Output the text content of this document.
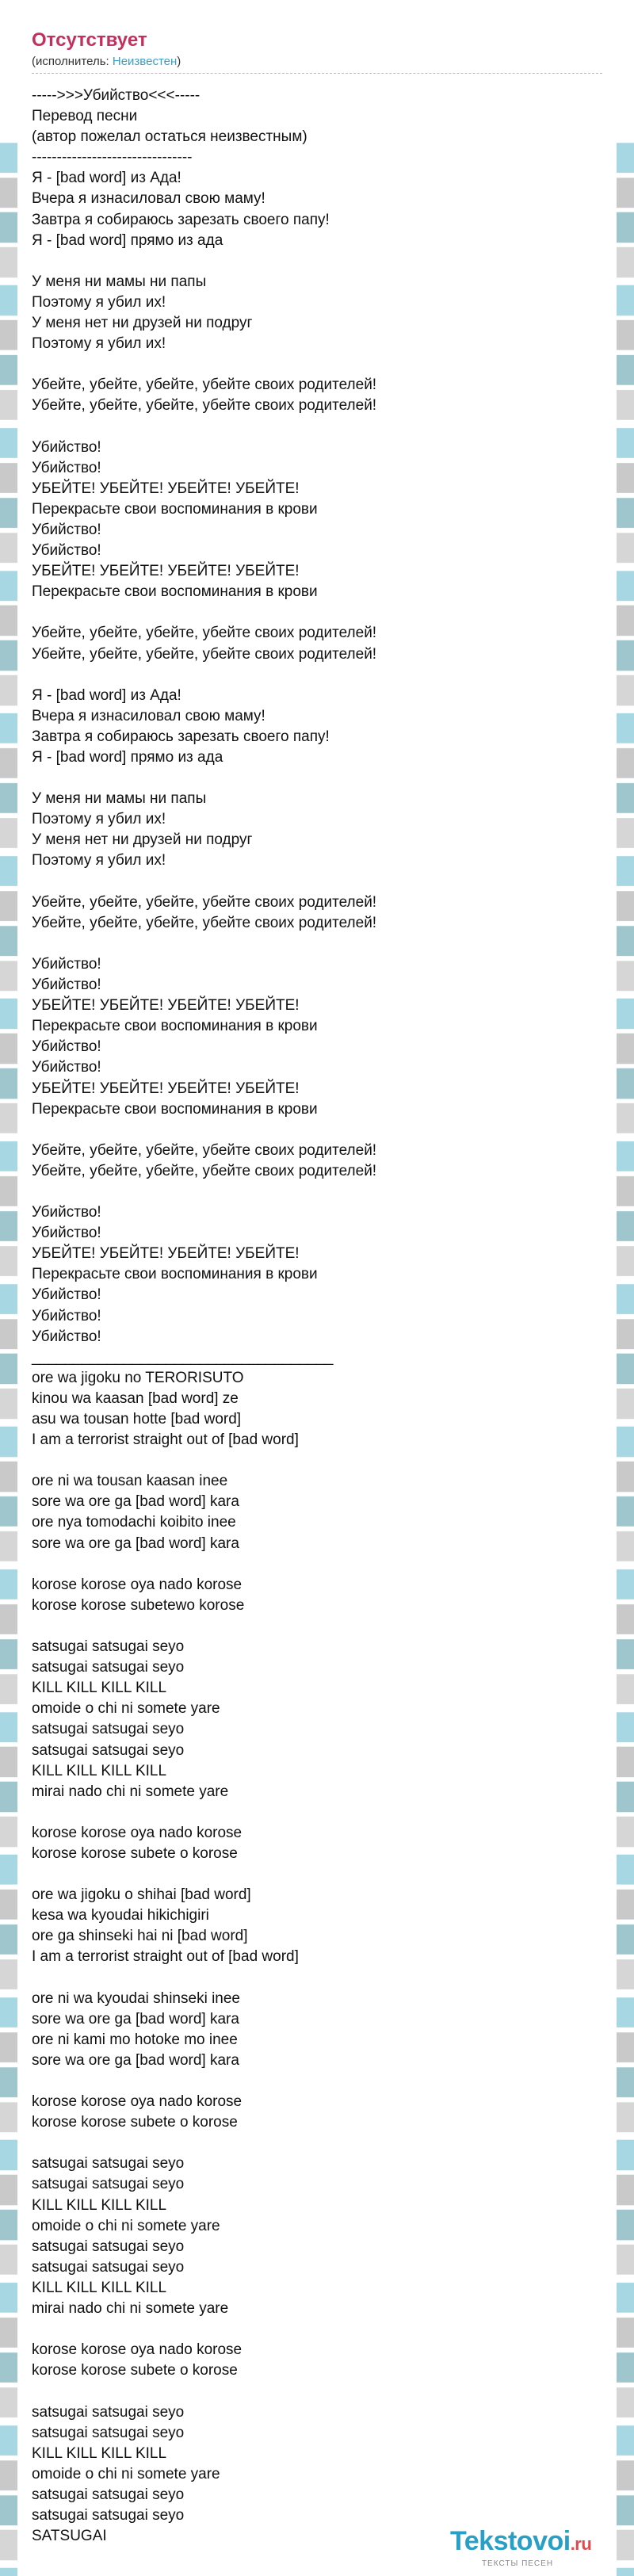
Отсутствует
(исполнитель: Неизвестен)
----->>>Убийство<<<-----
Перевод песни
(автор пожелал остаться неизвестным)
--------------------------------
Я - [bad word] из Ада!
Вчера я изнасиловал свою маму!
Завтра я собираюсь зарезать своего папу!
Я - [bad word] прямо из ада
У меня ни мамы ни папы
Поэтому я убил их!
У меня нет ни друзей ни подруг
Поэтому я убил их!
Убейте, убейте, убейте, убейте своих родителей!
Убейте, убейте, убейте, убейте своих родителей!
Убийство!
Убийство!
УБЕЙТЕ! УБЕЙТЕ! УБЕЙТЕ! УБЕЙТЕ!
Перекрасьте свои воспоминания в крови
Убийство!
Убийство!
УБЕЙТЕ! УБЕЙТЕ! УБЕЙТЕ! УБЕЙТЕ!
Перекрасьте свои воспоминания в крови
Убейте, убейте, убейте, убейте своих родителей!
Убейте, убейте, убейте, убейте своих родителей!
Я - [bad word] из Ада!
Вчера я изнасиловал свою маму!
Завтра я собираюсь зарезать своего папу!
Я - [bad word] прямо из ада
У меня ни мамы ни папы
Поэтому я убил их!
У меня нет ни друзей ни подруг
Поэтому я убил их!
Убейте, убейте, убейте, убейте своих родителей!
Убейте, убейте, убейте, убейте своих родителей!
Убийство!
Убийство!
УБЕЙТЕ! УБЕЙТЕ! УБЕЙТЕ! УБЕЙТЕ!
Перекрасьте свои воспоминания в крови
Убийство!
Убийство!
УБЕЙТЕ! УБЕЙТЕ! УБЕЙТЕ! УБЕЙТЕ!
Перекрасьте свои воспоминания в крови
Убейте, убейте, убейте, убейте своих родителей!
Убейте, убейте, убейте, убейте своих родителей!
Убийство!
Убийство!
УБЕЙТЕ! УБЕЙТЕ! УБЕЙТЕ! УБЕЙТЕ!
Перекрасьте свои воспоминания в крови
Убийство!
Убийство!
Убийство!
____________________________________
ore wa jigoku no TERORISUTO
kinou wa kaasan [bad word] ze
asu wa tousan hotte [bad word]
I am a terrorist straight out of [bad word]
ore ni wa tousan kaasan inee
sore wa ore ga [bad word] kara
ore nya tomodachi koibito inee
sore wa ore ga [bad word] kara
korose korose oya nado korose
korose korose subetewo korose
satsugai satsugai seyo
satsugai satsugai seyo
KILL KILL KILL KILL
omoide o chi ni somete yare
satsugai satsugai seyo
satsugai satsugai seyo
KILL KILL KILL KILL
mirai nado chi ni somete yare
korose korose oya nado korose
korose korose subete o korose
ore wa jigoku o shihai [bad word]
kesa wa kyoudai hikichigiri
ore ga shinseki hai ni [bad word]
I am a terrorist straight out of [bad word]
ore ni wa kyoudai shinseki inee
sore wa ore ga [bad word] kara
ore ni kami mo hotoke mo inee
sore wa ore ga [bad word] kara
korose korose oya nado korose
korose korose subete o korose
satsugai satsugai seyo
satsugai satsugai seyo
KILL KILL KILL KILL
omoide o chi ni somete yare
satsugai satsugai seyo
satsugai satsugai seyo
KILL KILL KILL KILL
mirai nado chi ni somete yare
korose korose oya nado korose
korose korose subete o korose
satsugai satsugai seyo
satsugai satsugai seyo
KILL KILL KILL KILL
omoide o chi ni somete yare
satsugai satsugai seyo
satsugai satsugai seyo
SATSUGAI	Tekstovoi.ru
ТЕКСТЫ ПЕСЕН
